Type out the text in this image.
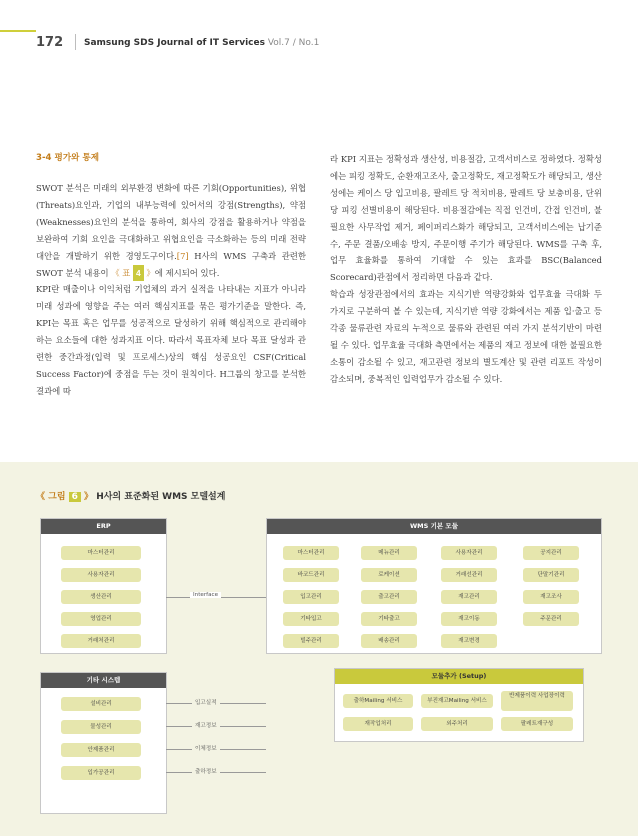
172 Samsung SDS Journal of IT Services Vol.7 / No.1
3-4 평가와 통제

SWOT 분석은 미래의 외부환경 변화에 따른 기회(Opportunities), 위협(Threats)요인과, 기업의 내부능력에 있어서의 강점(Strengths), 약점(Weaknesses)요인의 분석을 통하여, 회사의 강점을 활용하거나 약점을 보완하여 기회 요인을 극대화하고 위협요인을 극소화하는 등의 미래 전략대안을 개발하기 위한 경영도구이다.[7] H사의 WMS 구축과 관련한 SWOT 분석 내용이 《 표 4 》에 제시되어 있다.

KPI란 매출이나 이익처럼 기업체의 과거 실적을 나타내는 지표가 아니라 미래 성과에 영향을 주는 여러 핵심지표를 묶은 평가기준을 말한다. 즉, KPI는 목표 혹은 업무를 성공적으로 달성하기 위해 핵심적으로 관리해야 하는 요소들에 대한 성과지표 이다. 따라서 목표자체 보다 목표 달성과 관련한 중간과정(입력 및 프로세스)상의 핵심 성공요인 CSF(Critical Success Factor)에 중점을 두는 것이 원칙이다. H그룹의 창고를 분석한 결과에 따

라 KPI 지표는 정확성과 생산성, 비용절감, 고객서비스로 정하였다. 정확성에는 피킹 정확도, 순환재고조사, 출고정확도, 재고정확도가 해당되고, 생산성에는 케이스 당 입고비용, 팔레트 당 적치비용, 팔레트 당 보충비용, 단위당 피킹 선별비용이 해당된다. 비용절감에는 직접 인건비, 간접 인건비, 불필요한 사무작업 제거, 페이퍼리스화가 해당되고, 고객서비스에는 납기준수, 주문 결품/오배송 방지, 주문이행 주기가 해당된다. WMS를 구축 후, 업무 효율화를 통하여 기대할 수 있는 효과를 BSC(Balanced Scorecard)관점에서 정리하면 다음과 같다.

학습과 성장관점에서의 효과는 지식기반 역량강화와 업무효율 극대화 두 가지로 구분하여 볼 수 있는데, 지식기반 역량 강화에서는 제품 입·출고 등 각종 물류관련 자료의 누적으로 물류와 관련된 여러 가지 분석기반이 마련될 수 있다. 업무효율 극대화 측면에서는 제품의 재고 정보에 대한 불필요한 소통이 감소될 수 있고, 재고관련 정보의 별도계산 및 관련 리포트 작성이 감소되며, 중복적인 입력업무가 감소될 수 있다.

《 그림 6 》 H사의 표준화된 WMS 모델설계
ERP
마스터관리
사용자관리
생산관리
영업관리
거래처관리
Interface
WMS 기본 모듈
마스터관리	메뉴관리	사용자관리	공지관리
바코드관리	로케이션	거래선관리	단말기관리
입고관리	출고관리	재고관리	재고조사
기타입고	기타출고	재고이동	주문관리
빌주관리	배송관리	재고변경
기타 시스템
설비관리
물성관리
안제품관리
입가공관리
입고실적
재고정보
이체정보
출하정보
모듈추가 (Setup)
출하Mailing 서비스	부진재고Mailing 서비스
반제품이력 사업장이력
재작업처리	외주처리	팔레트재구성
